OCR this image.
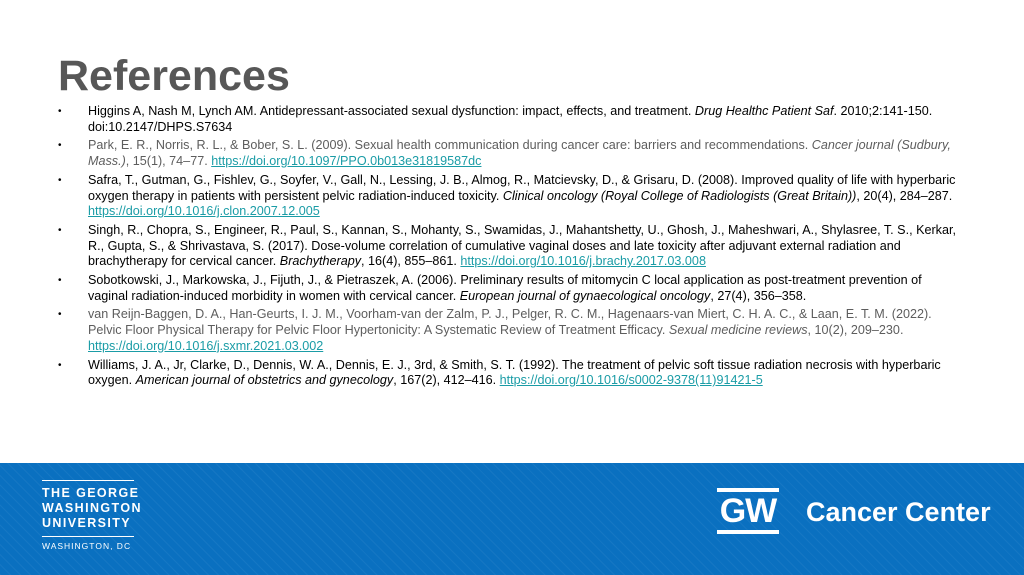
References
• Higgins A, Nash M, Lynch AM. Antidepressant-associated sexual dysfunction: impact, effects, and treatment. Drug Healthc Patient Saf. 2010;2:141-150. doi:10.2147/DHPS.S7634
• Park, E. R., Norris, R. L., & Bober, S. L. (2009). Sexual health communication during cancer care: barriers and recommendations. Cancer journal (Sudbury, Mass.), 15(1), 74–77. https://doi.org/10.1097/PPO.0b013e31819587dc
• Safra, T., Gutman, G., Fishlev, G., Soyfer, V., Gall, N., Lessing, J. B., Almog, R., Matcievsky, D., & Grisaru, D. (2008). Improved quality of life with hyperbaric oxygen therapy in patients with persistent pelvic radiation-induced toxicity. Clinical oncology (Royal College of Radiologists (Great Britain)), 20(4), 284–287. https://doi.org/10.1016/j.clon.2007.12.005
• Singh, R., Chopra, S., Engineer, R., Paul, S., Kannan, S., Mohanty, S., Swamidas, J., Mahantshetty, U., Ghosh, J., Maheshwari, A., Shylasree, T. S., Kerkar, R., Gupta, S., & Shrivastava, S. (2017). Dose-volume correlation of cumulative vaginal doses and late toxicity after adjuvant external radiation and brachytherapy for cervical cancer. Brachytherapy, 16(4), 855–861. https://doi.org/10.1016/j.brachy.2017.03.008
• Sobotkowski, J., Markowska, J., Fijuth, J., & Pietraszek, A. (2006). Preliminary results of mitomycin C local application as post-treatment prevention of vaginal radiation-induced morbidity in women with cervical cancer. European journal of gynaecological oncology, 27(4), 356–358.
• van Reijn-Baggen, D. A., Han-Geurts, I. J. M., Voorham-van der Zalm, P. J., Pelger, R. C. M., Hagenaars-van Miert, C. H. A. C., & Laan, E. T. M. (2022). Pelvic Floor Physical Therapy for Pelvic Floor Hypertonicity: A Systematic Review of Treatment Efficacy. Sexual medicine reviews, 10(2), 209–230. https://doi.org/10.1016/j.sxmr.2021.03.002
• Williams, J. A., Jr, Clarke, D., Dennis, W. A., Dennis, E. J., 3rd, & Smith, S. T. (1992). The treatment of pelvic soft tissue radiation necrosis with hyperbaric oxygen. American journal of obstetrics and gynecology, 167(2), 412–416. https://doi.org/10.1016/s0002-9378(11)91421-5
THE GEORGE
WASHINGTON
UNIVERSITY
WASHINGTON, DC
GW Cancer Center
